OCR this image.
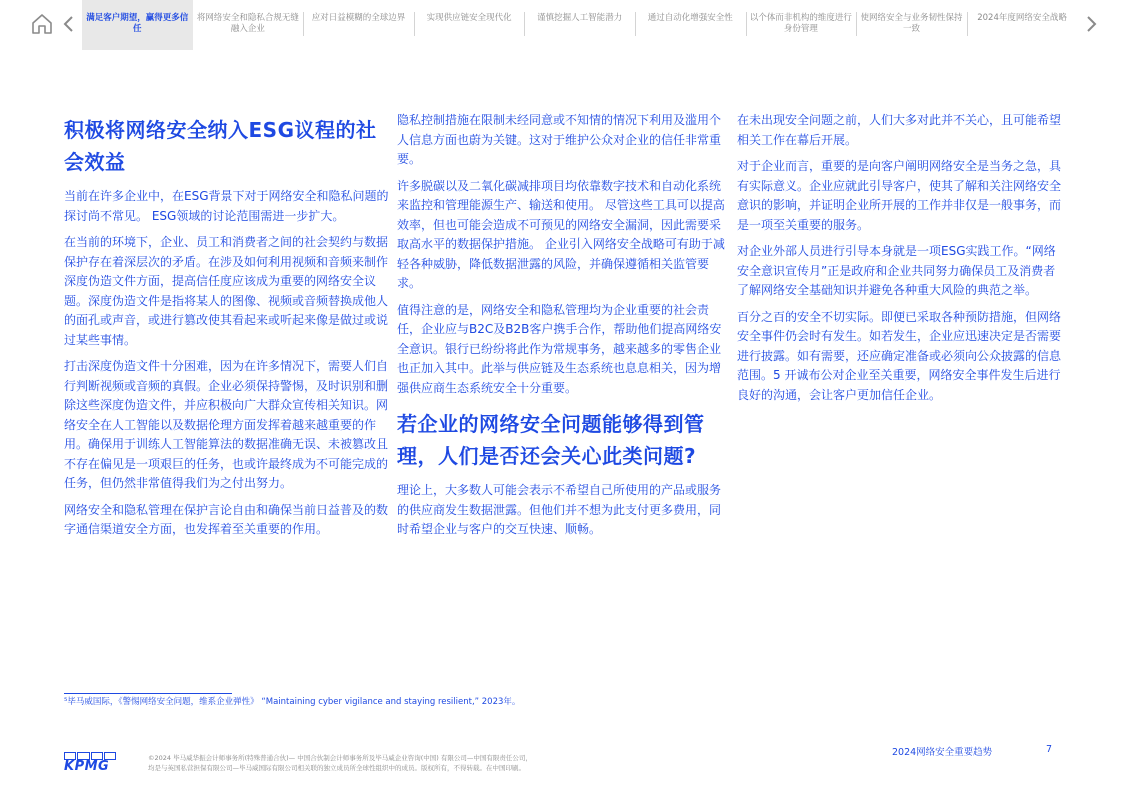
满足客户期望，赢得更多信任
将网络安全和隐私合规无缝融入企业
应对日益模糊的全球边界	实现供应链安全现代化	谨慎挖掘人工智能潜力	通过自动化增强安全性	以个体而非机构的维度进行身份管理
使网络安全与业务韧性保持一致
2024年度网络安全战略
积极将网络安全纳入ESG议程的社会效益

当前在许多企业中，在ESG背景下对于网络安全和隐私问题的探讨尚不常见。 ESG领域的讨论范围需进一步扩大。

在当前的环境下，企业、员工和消费者之间的社会契约与数据保护存在着深层次的矛盾。在涉及如何利用视频和音频来制作深度伪造文件方面，提高信任度应该成为重要的网络安全议题。深度伪造文件是指将某人的图像、视频或音频替换成他人的面孔或声音，或进行篡改使其看起来或听起来像是做过或说过某些事情。

打击深度伪造文件十分困难，因为在许多情况下，需要人们自行判断视频或音频的真假。企业必须保持警惕，及时识别和删除这些深度伪造文件，并应积极向广大群众宣传相关知识。网络安全在人工智能以及数据伦理方面发挥着越来越重要的作用。确保用于训练人工智能算法的数据准确无误、未被篡改且不存在偏见是一项艰巨的任务，也或许最终成为不可能完成的任务，但仍然非常值得我们为之付出努力。

网络安全和隐私管理在保护言论自由和确保当前日益普及的数字通信渠道安全方面，也发挥着至关重要的作用。

隐私控制措施在限制未经同意或不知情的情况下利用及滥用个人信息方面也蔚为关键。这对于维护公众对企业的信任非常重要。

许多脱碳以及二氧化碳减排项目均依靠数字技术和自动化系统来监控和管理能源生产、输送和使用。 尽管这些工具可以提高效率，但也可能会造成不可预见的网络安全漏洞，因此需要采取高水平的数据保护措施。 企业引入网络安全战略可有助于减轻各种威胁，降低数据泄露的风险，并确保遵循相关监管要求。

值得注意的是，网络安全和隐私管理均为企业重要的社会责任，企业应与B2C及B2B客户携手合作，帮助他们提高网络安全意识。银行已纷纷将此作为常规事务，越来越多的零售企业也正加入其中。此举与供应链及生态系统也息息相关，因为增强供应商生态系统安全十分重要。

若企业的网络安全问题能够得到管理，人们是否还会关心此类问题?

理论上，大多数人可能会表示不希望自己所使用的产品或服务的供应商发生数据泄露。但他们并不想为此支付更多费用，同时希望企业与客户的交互快速、顺畅。

在未出现安全问题之前，人们大多对此并不关心，且可能希望相关工作在幕后开展。

对于企业而言，重要的是向客户阐明网络安全是当务之急，具有实际意义。企业应就此引导客户，使其了解和关注网络安全意识的影响，并证明企业所开展的工作并非仅是一般事务，而是一项至关重要的服务。

对企业外部人员进行引导本身就是一项ESG实践工作。“网络安全意识宣传月”正是政府和企业共同努力确保员工及消费者了解网络安全基础知识并避免各种重大风险的典范之举。

百分之百的安全不切实际。即便已采取各种预防措施，但网络安全事件仍会时有发生。如若发生，企业应迅速决定是否需要进行披露。如有需要，还应确定准备或必须向公众披露的信息范围。5 开诚布公对企业至关重要，网络安全事件发生后进行良好的沟通，会让客户更加信任企业。

⁵毕马威国际，《警惕网络安全问题，维系企业弹性》 “Maintaining cyber vigilance and staying resilient,” 2023年。
KPMG
©2024 毕马威华振会计师事务所(特殊普通合伙)— 中国合伙制会计师事务所及毕马威企业咨询(中国) 有限公司—中国有限责任公司，
均是与英国私营担保有限公司—毕马威国际有限公司相关联的独立成员所全球性组织中的成员。版权所有，不得转载。在中国印刷。
2024网络安全重要趋势	7
